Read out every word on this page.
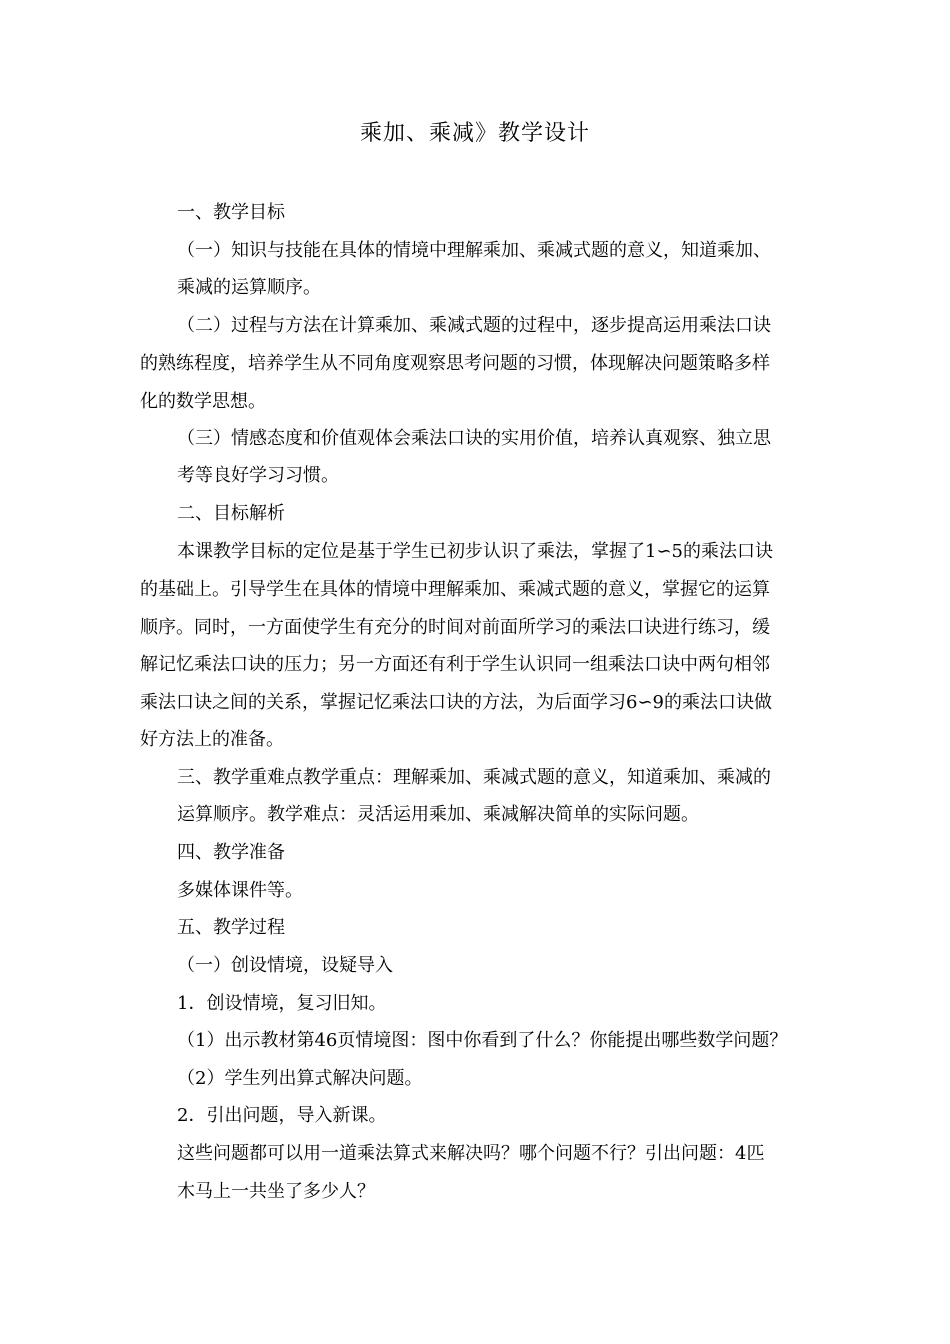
乘加、乘减》教学设计
一、教学目标
（一）知识与技能在具体的情境中理解乘加、乘减式题的意义，知道乘加、
乘减的运算顺序。
（二）过程与方法在计算乘加、乘减式题的过程中，逐步提高运用乘法口诀
的熟练程度，培养学生从不同角度观察思考问题的习惯，体现解决问题策略多样
化的数学思想。
（三）情感态度和价值观体会乘法口诀的实用价值，培养认真观察、独立思
考等良好学习习惯。
二、目标解析
本课教学目标的定位是基于学生已初步认识了乘法，掌握了1∽5的乘法口诀
的基础上。引导学生在具体的情境中理解乘加、乘减式题的意义，掌握它的运算
顺序。同时，一方面使学生有充分的时间对前面所学习的乘法口诀进行练习，缓
解记忆乘法口诀的压力；另一方面还有利于学生认识同一组乘法口诀中两句相邻
乘法口诀之间的关系，掌握记忆乘法口诀的方法，为后面学习6∽9的乘法口诀做
好方法上的准备。
三、教学重难点教学重点：理解乘加、乘减式题的意义，知道乘加、乘减的
运算顺序。教学难点：灵活运用乘加、乘减解决简单的实际问题。
四、教学准备
多媒体课件等。
五、教学过程
（一）创设情境，设疑导入
1．创设情境，复习旧知。
（1）出示教材第46页情境图：图中你看到了什么？你能提出哪些数学问题？
（2）学生列出算式解决问题。
2．引出问题，导入新课。
这些问题都可以用一道乘法算式来解决吗？哪个问题不行？引出问题：4匹
木马上一共坐了多少人？
